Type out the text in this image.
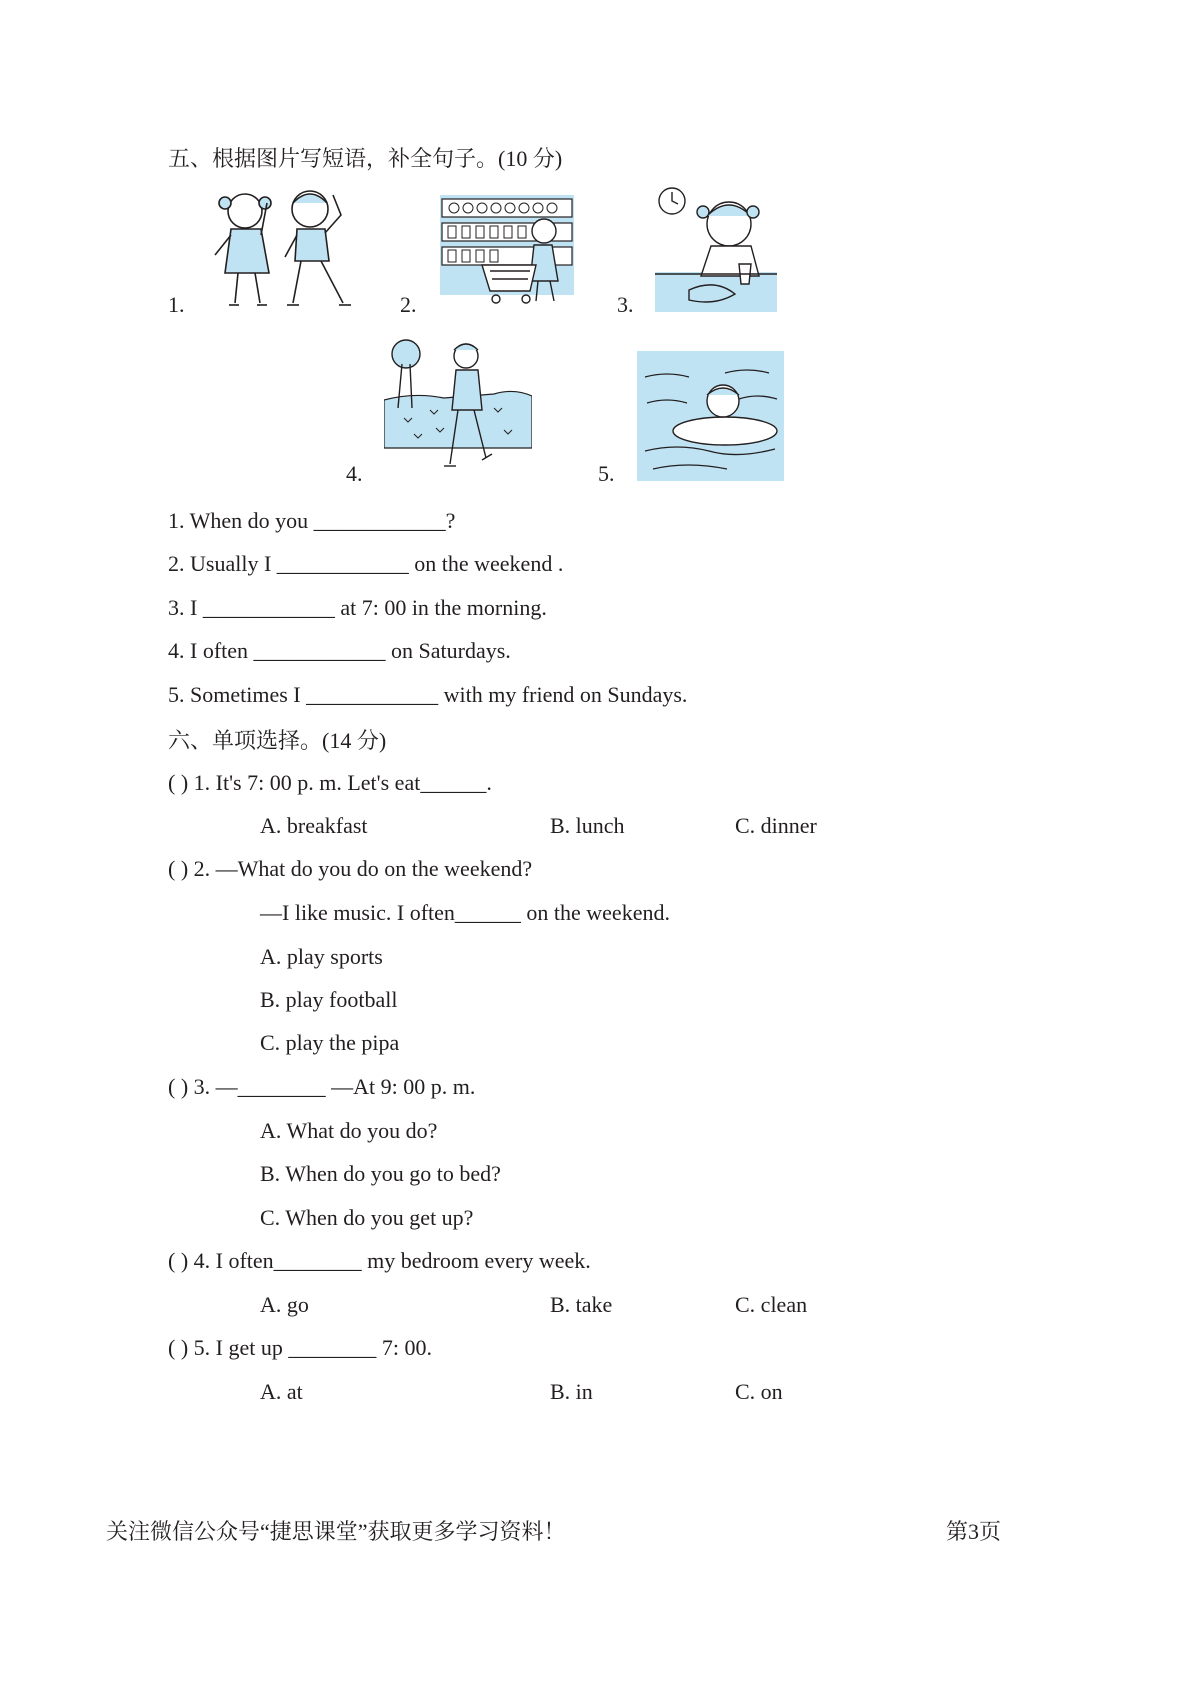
五、根据图片写短语，补全句子。(10 分)
1.	2.	3.
4.	5.
1. When do you ____________?
2. Usually I ____________ on the weekend .
3. I ____________ at 7: 00 in the morning.
4. I often ____________ on Saturdays.
5. Sometimes I ____________ with my friend on Sundays.
六、单项选择。(14 分)
( ) 1. It's 7: 00 p. m. Let's eat______.
A. breakfast	B. lunch	C. dinner
( ) 2. —What do you do on the weekend?
—I like music. I often______ on the weekend.
A. play sports
B. play football
C. play the pipa
( ) 3. —________ —At 9: 00 p. m.
A. What do you do?
B. When do you go to bed?
C. When do you get up?
( ) 4. I often________ my bedroom every week.
A. go	B. take	C. clean
( ) 5. I get up ________ 7: 00.
A. at	B. in	C. on
关注微信公众号“捷思课堂”获取更多学习资料！	第3页
